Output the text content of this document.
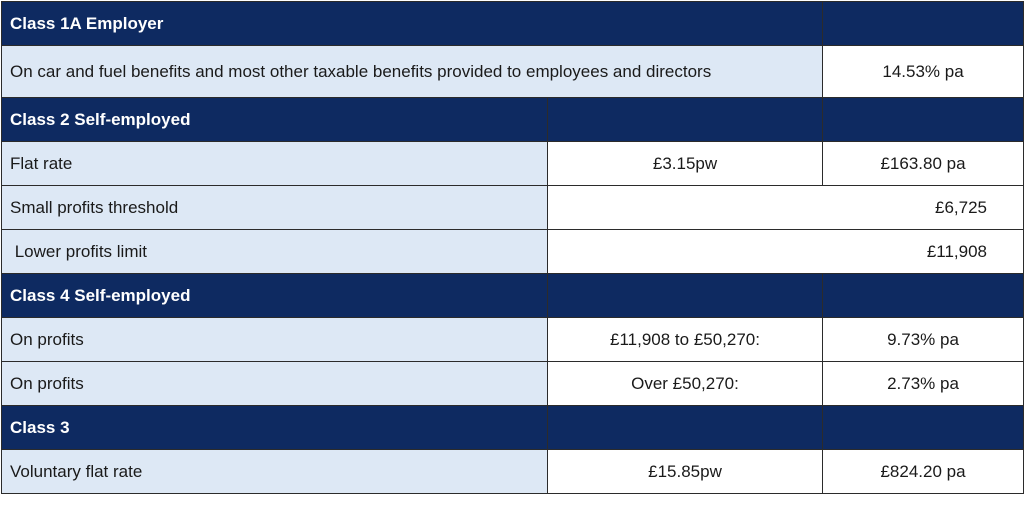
Class 1A Employer		
On car and fuel benefits and most other taxable benefits provided to employees and directors		14.53% pa
Class 2 Self-employed		
Flat rate	£3.15pw	£163.80 pa
Small profits threshold	£6,725	
Lower profits limit	£11,908	
Class 4 Self-employed		
On profits	£11,908 to £50,270:	9.73% pa
On profits	Over £50,270:	2.73% pa
Class 3		
Voluntary flat rate	£15.85pw	£824.20 pa
